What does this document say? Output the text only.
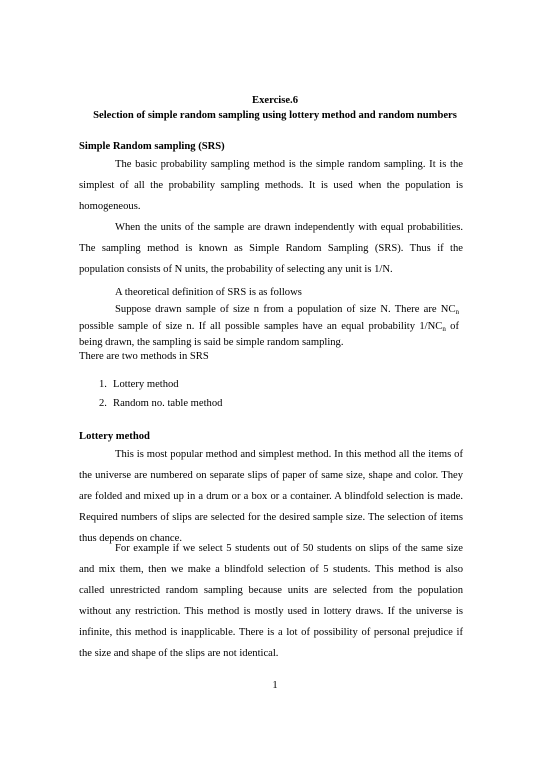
Exercise.6
Selection of simple random sampling using lottery method and random numbers
Simple Random sampling (SRS)

The basic probability sampling method is the simple random sampling. It is the simplest of all the probability sampling methods. It is used when the population is homogeneous.

When the units of the sample are drawn independently with equal probabilities. The sampling method is known as Simple Random Sampling (SRS). Thus if the population consists of N units, the probability of selecting any unit is 1/N.

A theoretical definition of SRS is as follows

Suppose drawn sample of size n from a population of size N. There are $NC_n$ possible sample of size n. If all possible samples have an equal probability $1/NC_n$ of being drawn, the sampling is said be simple random sampling.

There are two methods in SRS
1. Lottery method
2. Random no. table method
Lottery method

This is most popular method and simplest method. In this method all the items of the universe are numbered on separate slips of paper of same size, shape and color. They are folded and mixed up in a drum or a box or a container. A blindfold selection is made. Required numbers of slips are selected for the desired sample size. The selection of items thus depends on chance.

For example if we select 5 students out of 50 students on slips of the same size and mix them, then we make a blindfold selection of 5 students. This method is also called unrestricted random sampling because units are selected from the population without any restriction. This method is mostly used in lottery draws. If the universe is infinite, this method is inapplicable. There is a lot of possibility of personal prejudice if the size and shape of the slips are not identical.

1
